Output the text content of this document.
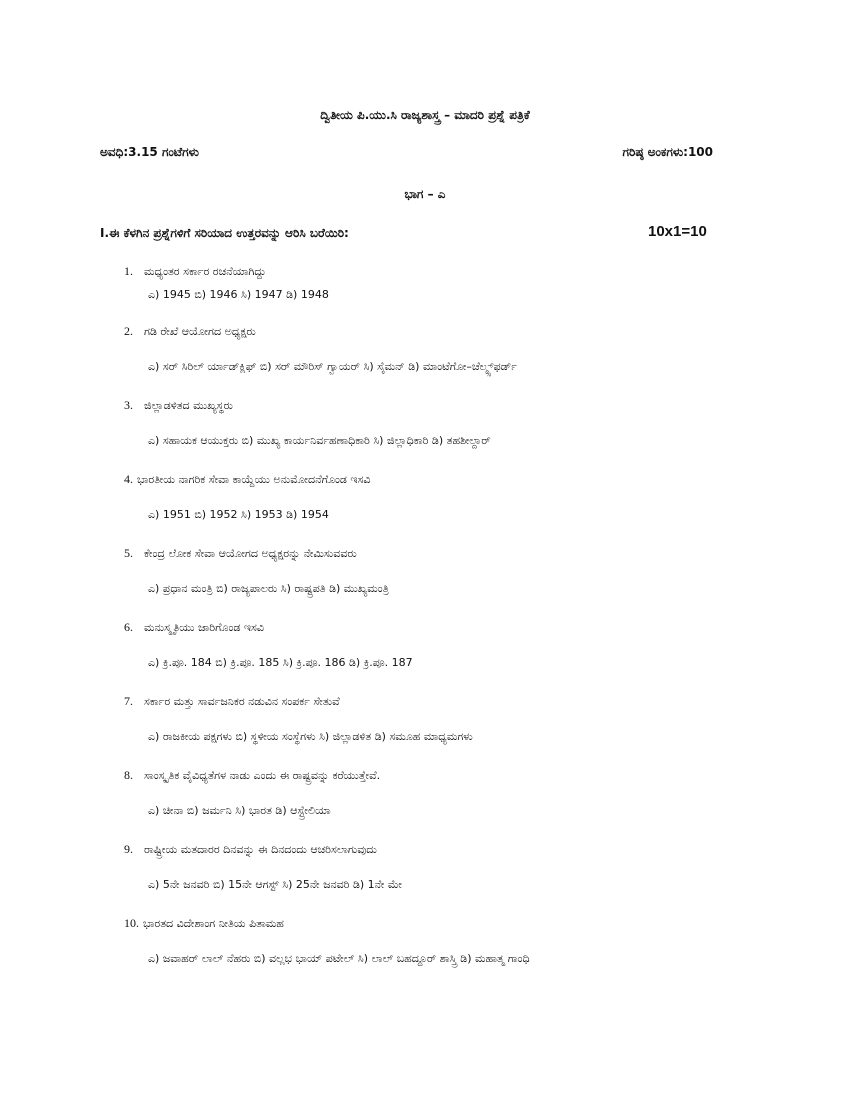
ದ್ವಿತೀಯ ಪಿ.ಯು.ಸಿ ರಾಜ್ಯಶಾಸ್ತ್ರ – ಮಾದರಿ ಪ್ರಶ್ನೆ ಪತ್ರಿಕೆ
ಅವಧಿ:3.15 ಗಂಟೆಗಳು	ಗರಿಷ್ಠ ಅಂಕಗಳು:100
ಭಾಗ – ಎ
I.ಈ ಕೆಳಗಿನ ಪ್ರಶ್ನೆಗಳಿಗೆ ಸರಿಯಾದ ಉತ್ತರವನ್ನು ಆರಿಸಿ ಬರೆಯಿರಿ:	10x1=10
1. ಮಧ್ಯಂತರ ಸರ್ಕಾರ ರಚನೆಯಾಗಿದ್ದು
ಎ) 1945 ಬಿ) 1946 ಸಿ) 1947 ಡಿ) 1948
2. ಗಡಿ ರೇಖೆ ಆಯೋಗದ ಅಧ್ಯಕ್ಷರು
ಎ) ಸರ್ ಸಿರಿಲ್ ರ್ಯಾಡ್‌ಕ್ಲಿಫ್ ಬಿ) ಸರ್ ಮೌರಿಸ್ ಗ್ವಾಯರ್ ಸಿ) ಸೈಮನ್ ಡಿ) ಮಾಂಟೆಗೋ–ಚೆಲ್ಮ್ಸ್‌ಫರ್ಡ್
3. ಜಿಲ್ಲಾಡಳಿತದ ಮುಖ್ಯಸ್ಥರು
ಎ) ಸಹಾಯಕ ಆಯುಕ್ತರು ಬಿ) ಮುಖ್ಯ ಕಾರ್ಯನಿರ್ವಹಣಾಧಿಕಾರಿ ಸಿ) ಜಿಲ್ಲಾಧಿಕಾರಿ ಡಿ) ತಹಶೀಲ್ದಾರ್
4. ಭಾರತೀಯ ನಾಗರಿಕ ಸೇವಾ ಕಾಯ್ದೆಯು ಅನುಮೋದನೆಗೊಂಡ ಇಸವಿ
ಎ) 1951 ಬಿ) 1952 ಸಿ) 1953 ಡಿ) 1954
5. ಕೇಂದ್ರ ಲೋಕ ಸೇವಾ ಆಯೋಗದ ಅಧ್ಯಕ್ಷರನ್ನು ನೇಮಿಸುವವರು
ಎ) ಪ್ರಧಾನ ಮಂತ್ರಿ ಬಿ) ರಾಜ್ಯಪಾಲರು ಸಿ) ರಾಷ್ಟ್ರಪತಿ ಡಿ) ಮುಖ್ಯಮಂತ್ರಿ
6. ಮನುಸ್ಮೃತಿಯು ಜಾರಿಗೊಂಡ ಇಸವಿ
ಎ) ಕ್ರಿ.ಪೂ. 184 ಬಿ) ಕ್ರಿ.ಪೂ. 185 ಸಿ) ಕ್ರಿ.ಪೂ. 186 ಡಿ) ಕ್ರಿ.ಪೂ. 187
7. ಸರ್ಕಾರ ಮತ್ತು ಸಾರ್ವಜನಿಕರ ನಡುವಿನ ಸಂಪರ್ಕ ಸೇತುವೆ
ಎ) ರಾಜಕೀಯ ಪಕ್ಷಗಳು ಬಿ) ಸ್ಥಳೀಯ ಸಂಸ್ಥೆಗಳು ಸಿ) ಜಿಲ್ಲಾಡಳಿತ ಡಿ) ಸಮೂಹ ಮಾಧ್ಯಮಗಳು
8. ಸಾಂಸ್ಕೃತಿಕ ವೈವಿಧ್ಯತೆಗಳ ನಾಡು ಎಂದು ಈ ರಾಷ್ಟ್ರವನ್ನು ಕರೆಯುತ್ತೇವೆ.
ಎ) ಚೀನಾ ಬಿ) ಜರ್ಮನಿ ಸಿ) ಭಾರತ ಡಿ) ಆಸ್ಟ್ರೇಲಿಯಾ
9. ರಾಷ್ಟ್ರೀಯ ಮತದಾರರ ದಿನವನ್ನು ಈ ದಿನದಂದು ಆಚರಿಸಲಾಗುವುದು
ಎ) 5ನೇ ಜನವರಿ ಬಿ) 15ನೇ ಆಗಸ್ಟ್ ಸಿ) 25ನೇ ಜನವರಿ ಡಿ) 1ನೇ ಮೇ
10. ಭಾರತದ ವಿದೇಶಾಂಗ ನೀತಿಯ ಪಿತಾಮಹ
ಎ) ಜವಾಹರ್ ಲಾಲ್ ನೆಹರು ಬಿ) ವಲ್ಲಭ ಭಾಯ್ ಪಟೇಲ್ ಸಿ) ಲಾಲ್ ಬಹದ್ದೂರ್ ಶಾಸ್ತ್ರಿ ಡಿ) ಮಹಾತ್ಮ ಗಾಂಧಿ
